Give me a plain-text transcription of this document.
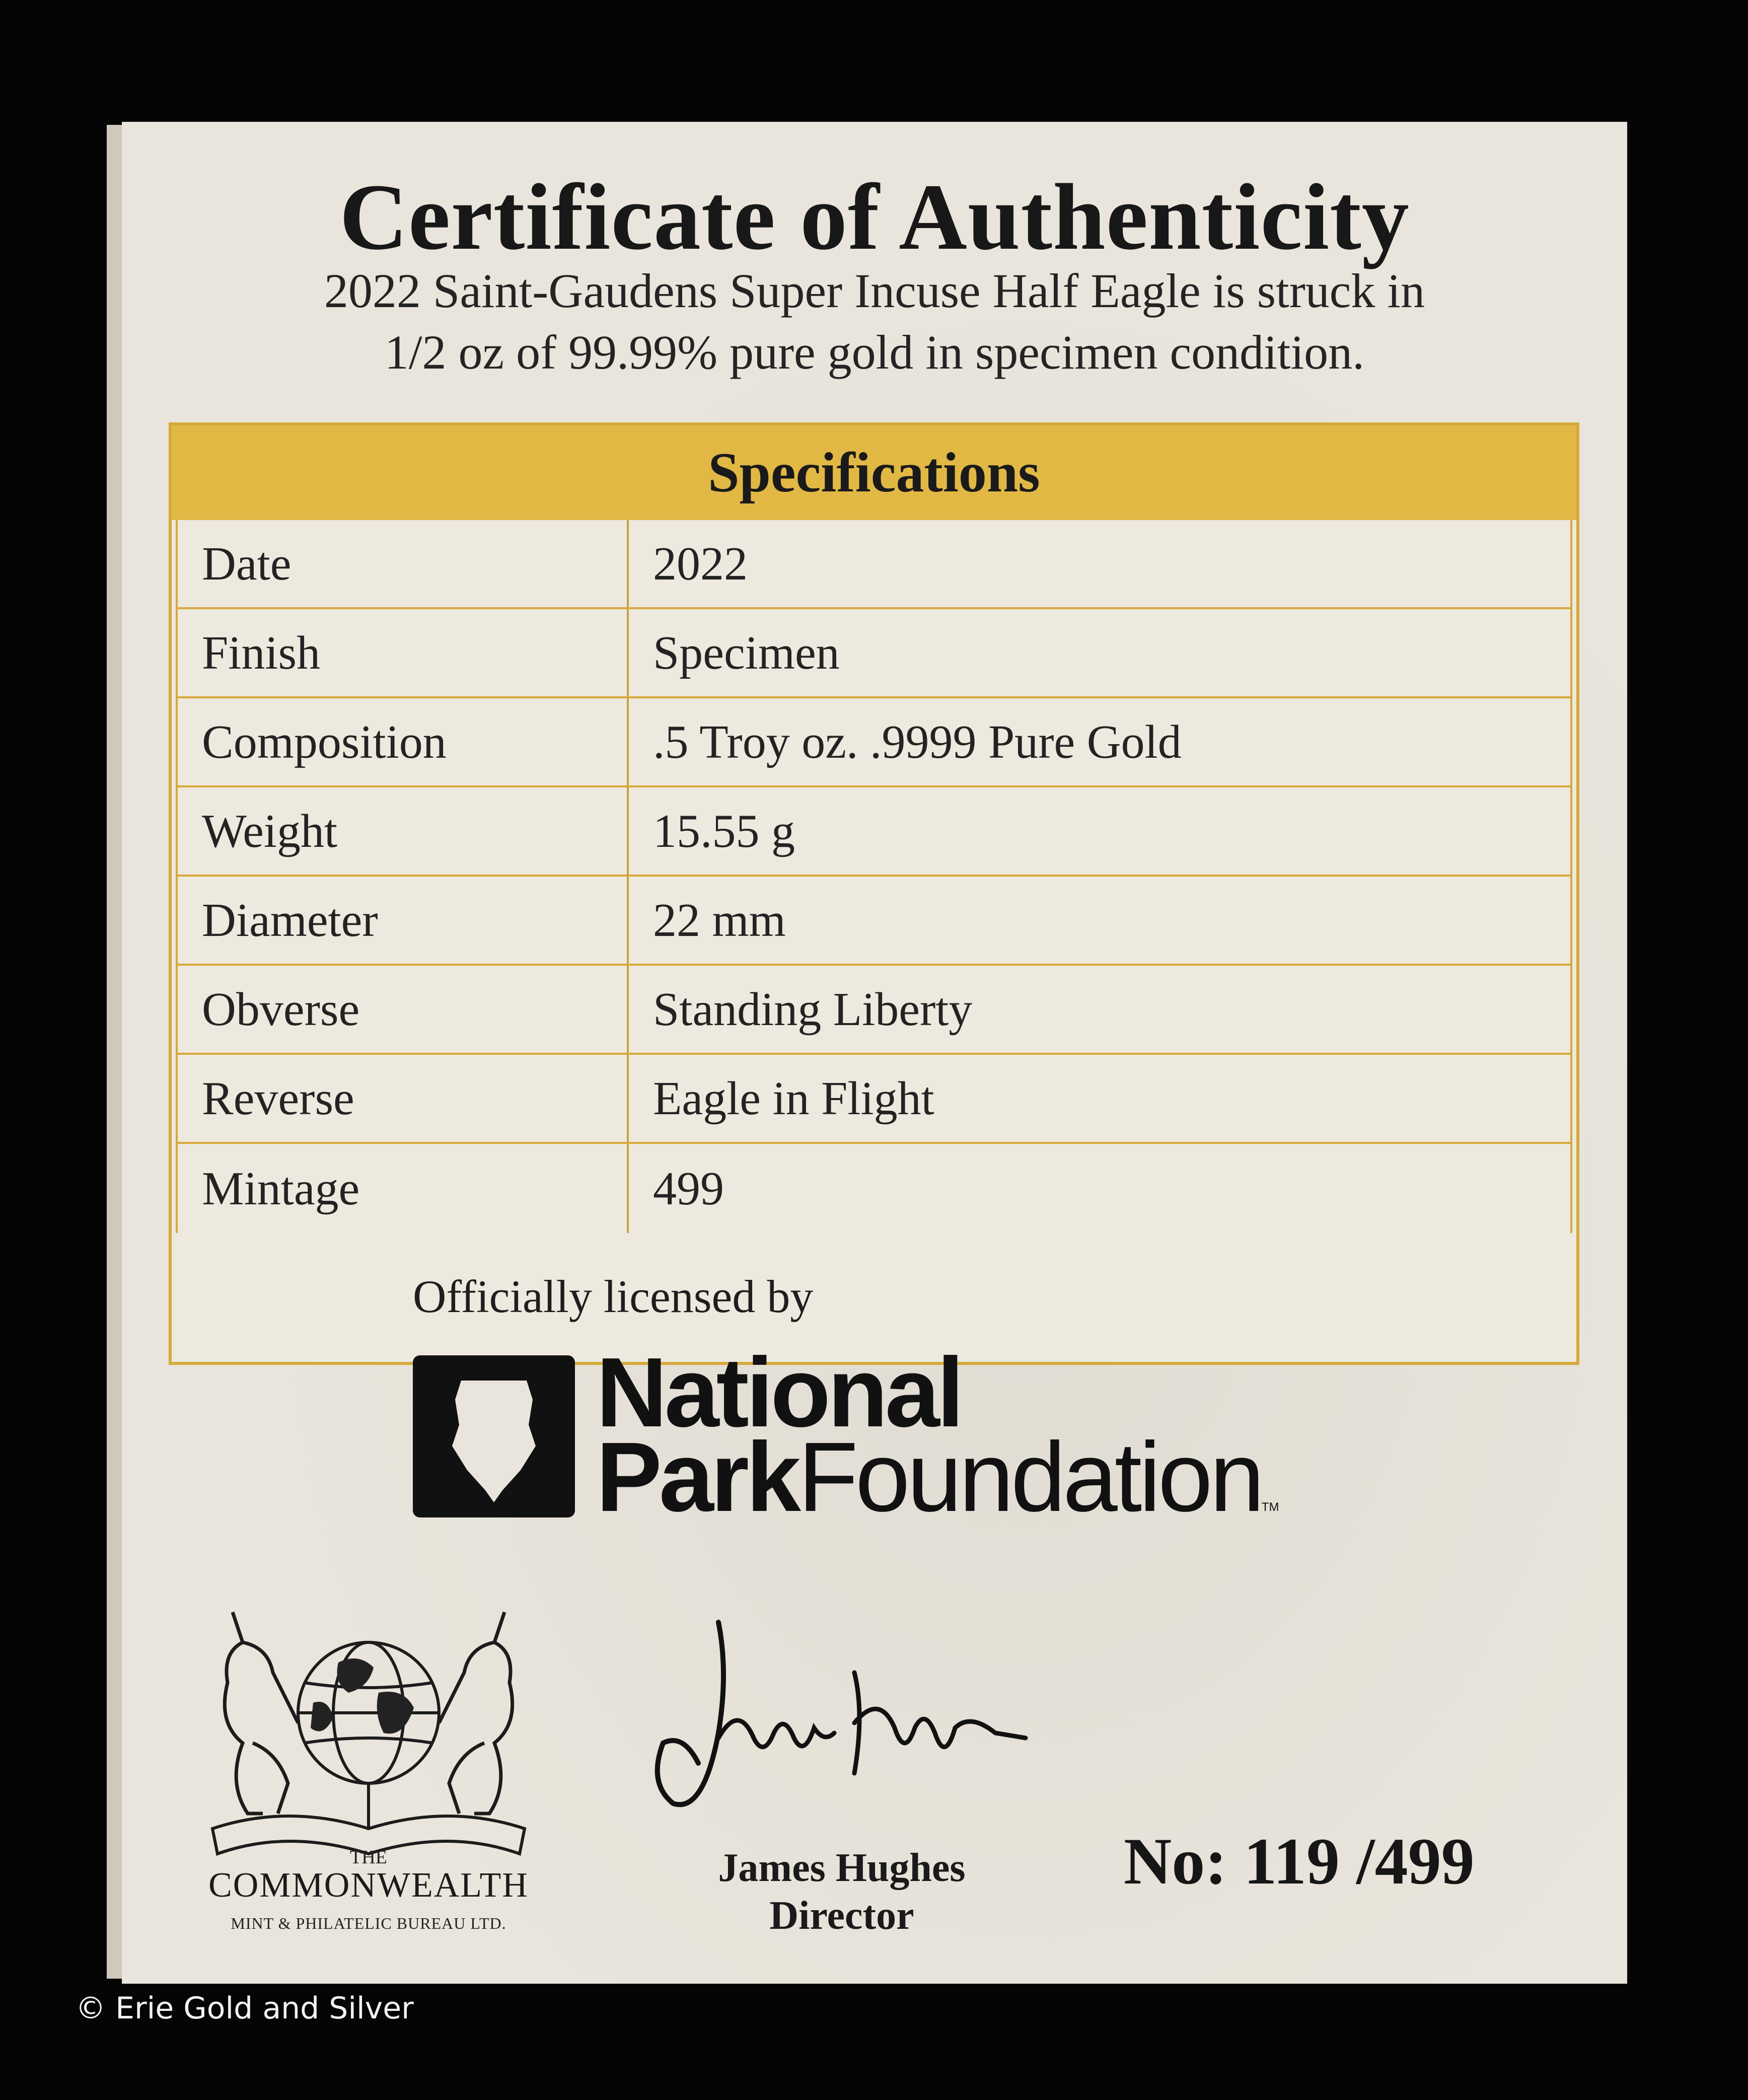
Certificate of Authenticity
2022 Saint-Gaudens Super Incuse Half Eagle is struck in
1/2 oz of 99.99% pure gold in specimen condition.
Specifications
Date	2022
Finish	Specimen
Composition	.5 Troy oz. .9999 Pure Gold
Weight	15.55 g
Diameter	22 mm
Obverse	Standing Liberty
Reverse	Eagle in Flight
Mintage	499
Officially licensed by
National
ParkFoundationTM
THE
COMMONWEALTH
MINT & PHILATELIC BUREAU LTD.
James Hughes
Director
No: 119 /499
© Erie Gold and Silver
